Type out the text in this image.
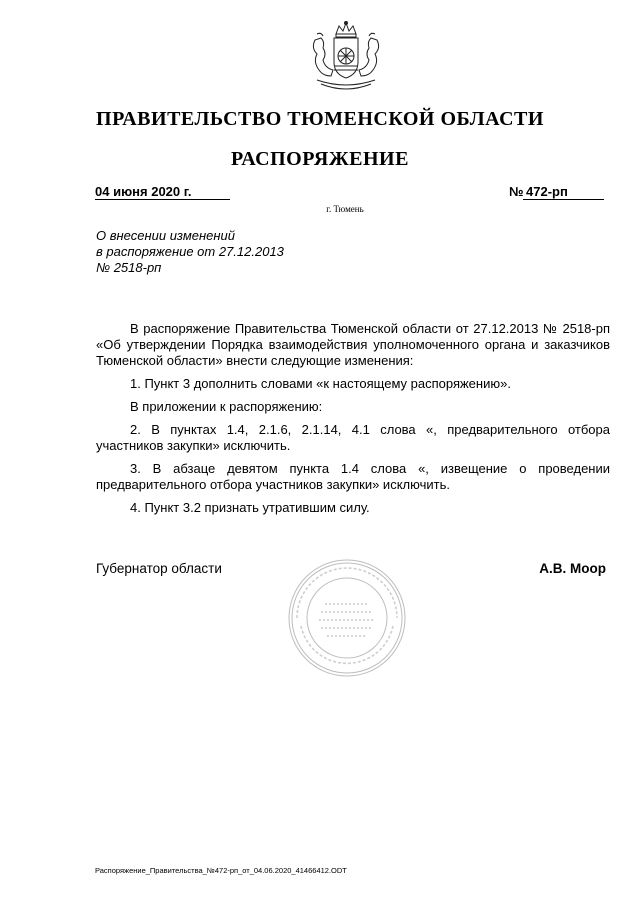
ПРАВИТЕЛЬСТВО ТЮМЕНСКОЙ ОБЛАСТИ
РАСПОРЯЖЕНИЕ
04 июня 2020 г.	№ 472-рп
г. Тюмень
О внесении изменений
в распоряжение от 27.12.2013
№ 2518-рп

В распоряжение Правительства Тюменской области от 27.12.2013 № 2518-рп «Об утверждении Порядка взаимодействия уполномоченного органа и заказчиков Тюменской области» внести следующие изменения:

1. Пункт 3 дополнить словами «к настоящему распоряжению».

В приложении к распоряжению:

2. В пунктах 1.4, 2.1.6, 2.1.14, 4.1 слова «, предварительного отбора участников закупки» исключить.

3. В абзаце девятом пункта 1.4 слова «, извещение о проведении предварительного отбора участников закупки» исключить.

4. Пункт 3.2 признать утратившим силу.

Губернатор области	А.В. Моор
Распоряжение_Правительства_№472-рп_от_04.06.2020_41466412.ODT
